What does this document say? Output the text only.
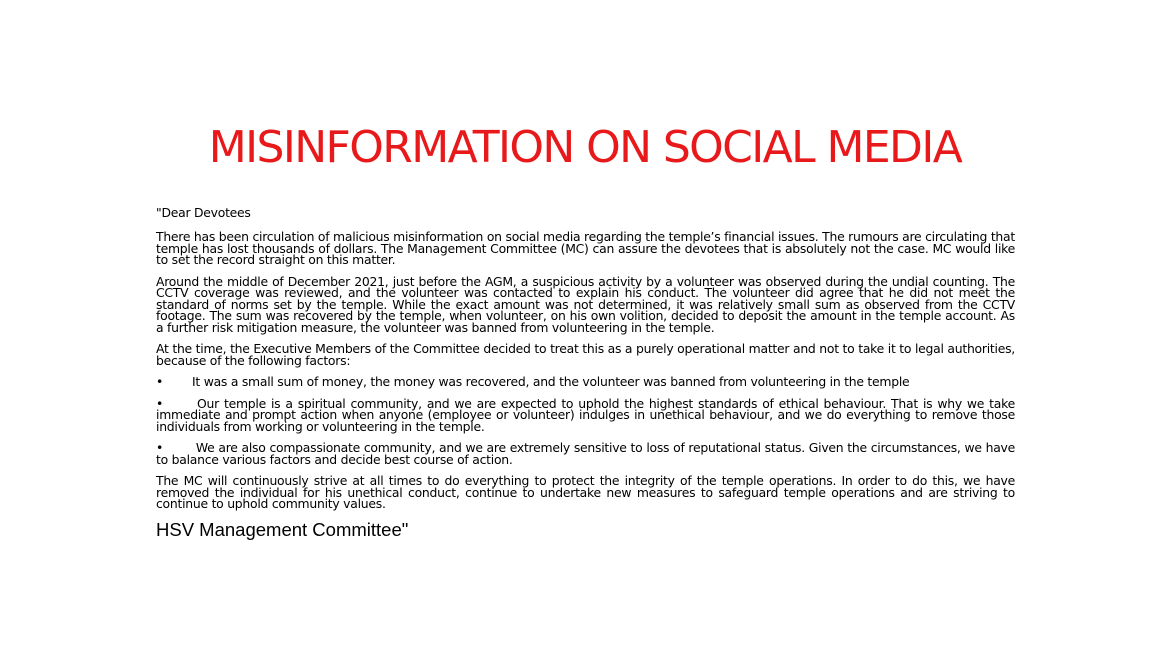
MISINFORMATION ON SOCIAL MEDIA

"Dear Devotees

There has been circulation of malicious misinformation on social media regarding the temple’s financial issues. The rumours are circulating that temple has lost thousands of dollars. The Management Committee (MC) can assure the devotees that is absolutely not the case. MC would like to set the record straight on this matter.

Around the middle of December 2021, just before the AGM, a suspicious activity by a volunteer was observed during the undial counting. The CCTV coverage was reviewed, and the volunteer was contacted to explain his conduct. The volunteer did agree that he did not meet the standard of norms set by the temple. While the exact amount was not determined, it was relatively small sum as observed from the CCTV footage. The sum was recovered by the temple, when volunteer, on his own volition, decided to deposit the amount in the temple account. As a further risk mitigation measure, the volunteer was banned from volunteering in the temple.

At the time, the Executive Members of the Committee decided to treat this as a purely operational matter and not to take it to legal authorities, because of the following factors:

• It was a small sum of money, the money was recovered, and the volunteer was banned from volunteering in the temple

• Our temple is a spiritual community, and we are expected to uphold the highest standards of ethical behaviour. That is why we take immediate and prompt action when anyone (employee or volunteer) indulges in unethical behaviour, and we do everything to remove those individuals from working or volunteering in the temple.

• We are also compassionate community, and we are extremely sensitive to loss of reputational status. Given the circumstances, we have to balance various factors and decide best course of action.

The MC will continuously strive at all times to do everything to protect the integrity of the temple operations. In order to do this, we have removed the individual for his unethical conduct, continue to undertake new measures to safeguard temple operations and are striving to continue to uphold community values.

HSV Management Committee"
